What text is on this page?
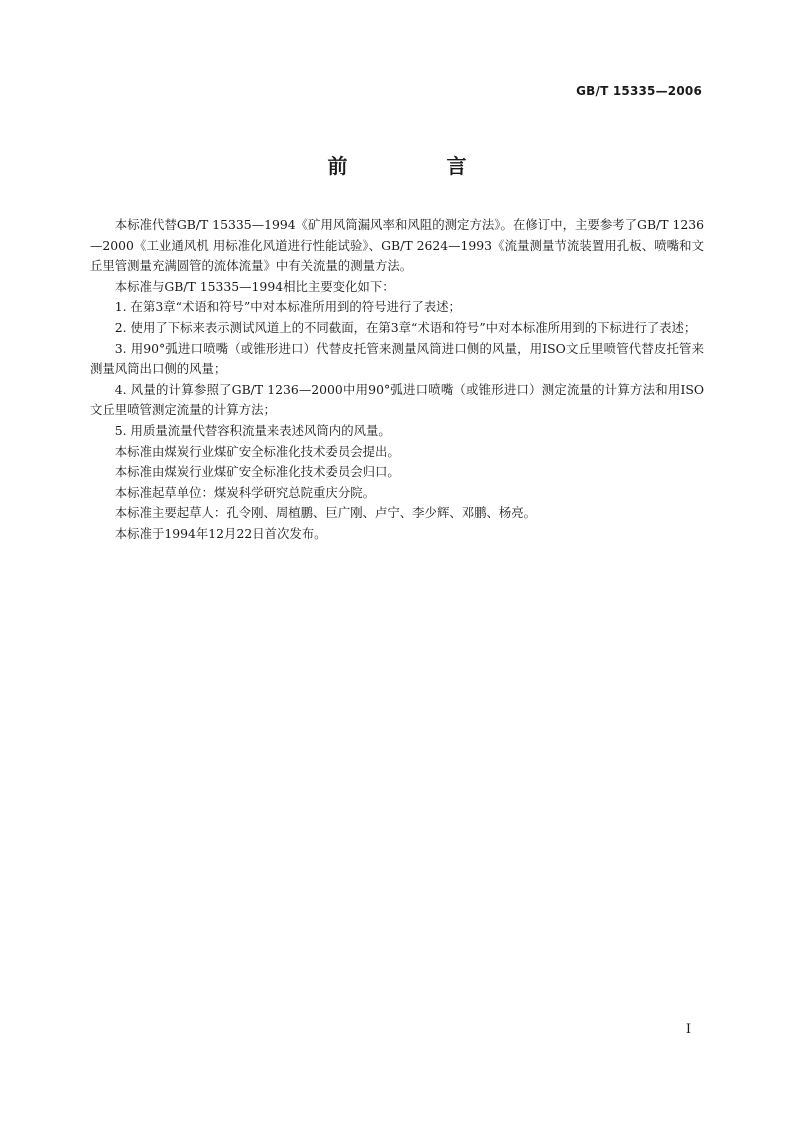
GB/T 15335—2006
前 言

本标准代替GB/T 15335—1994《矿用风筒漏风率和风阻的测定方法》。在修订中，主要参考了GB/T 1236—2000《工业通风机 用标准化风道进行性能试验》、GB/T 2624—1993《流量测量节流装置用孔板、喷嘴和文丘里管测量充满圆管的流体流量》中有关流量的测量方法。

本标准与GB/T 15335—1994相比主要变化如下：

1. 在第3章“术语和符号”中对本标准所用到的符号进行了表述；

2. 使用了下标来表示测试风道上的不同截面，在第3章“术语和符号”中对本标准所用到的下标进行了表述；

3. 用90°弧进口喷嘴（或锥形进口）代替皮托管来测量风筒进口侧的风量，用ISO文丘里喷管代替皮托管来测量风筒出口侧的风量；

4. 风量的计算参照了GB/T 1236—2000中用90°弧进口喷嘴（或锥形进口）测定流量的计算方法和用ISO文丘里喷管测定流量的计算方法；

5. 用质量流量代替容积流量来表述风筒内的风量。

本标准由煤炭行业煤矿安全标准化技术委员会提出。

本标准由煤炭行业煤矿安全标准化技术委员会归口。

本标准起草单位：煤炭科学研究总院重庆分院。

本标准主要起草人：孔令刚、周植鹏、巨广刚、卢宁、李少辉、邓鹏、杨亮。

本标准于1994年12月22日首次发布。

I
